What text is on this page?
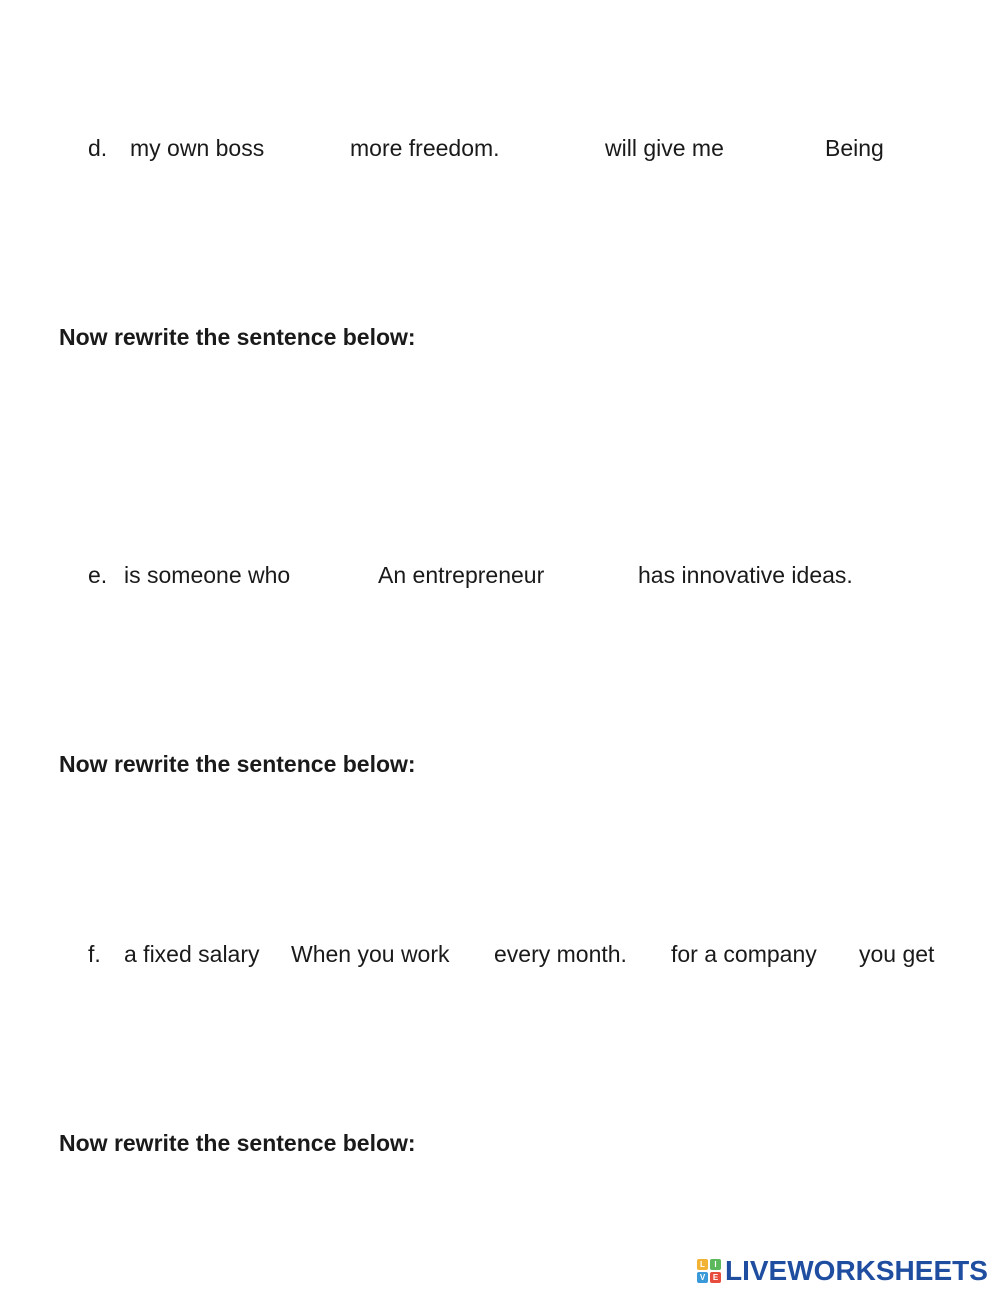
d. my own boss	more freedom.	will give me	Being
Now rewrite the sentence below:
e. is someone who	An entrepreneur	has innovative ideas.
Now rewrite the sentence below:
f. a fixed salary When you work every month. for a company you get
Now rewrite the sentence below:
L	I
V E LIVEWORKSHEETS
